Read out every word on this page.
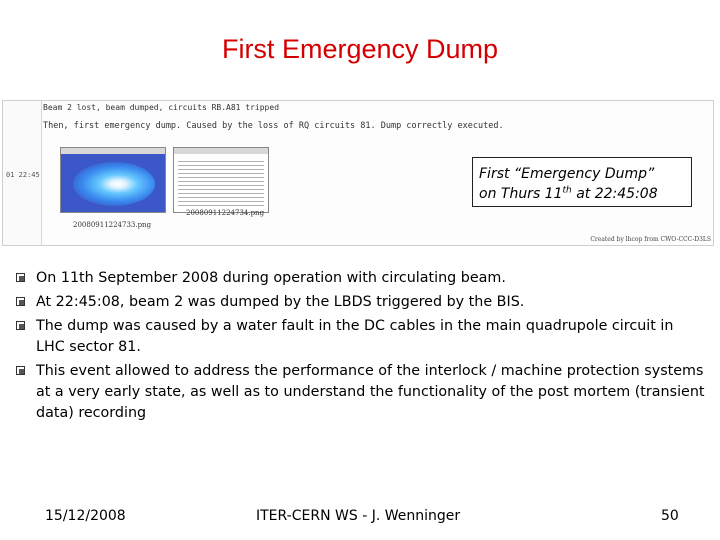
First Emergency Dump
01 22:45
Beam 2 lost, beam dumped, circuits RB.A81 tripped
Then, first emergency dump. Caused by the loss of RQ circuits 81. Dump correctly executed.
20080911224733.png
20080911224734.png
Created by lhcop from CWO-CCC-D3LS
First “Emergency Dump”
on Thurs 11th at 22:45:08
On 11th September 2008 during operation with circulating beam.
At 22:45:08, beam 2 was dumped by the LBDS triggered by the BIS.
The dump was caused by a water fault in the DC cables in the main quadrupole circuit in LHC sector 81.
This event allowed to address the performance of the interlock / machine protection systems at a very early state, as well as to understand the functionality of the post mortem (transient data) recording
15/12/2008	ITER-CERN WS - J. Wenninger	50
